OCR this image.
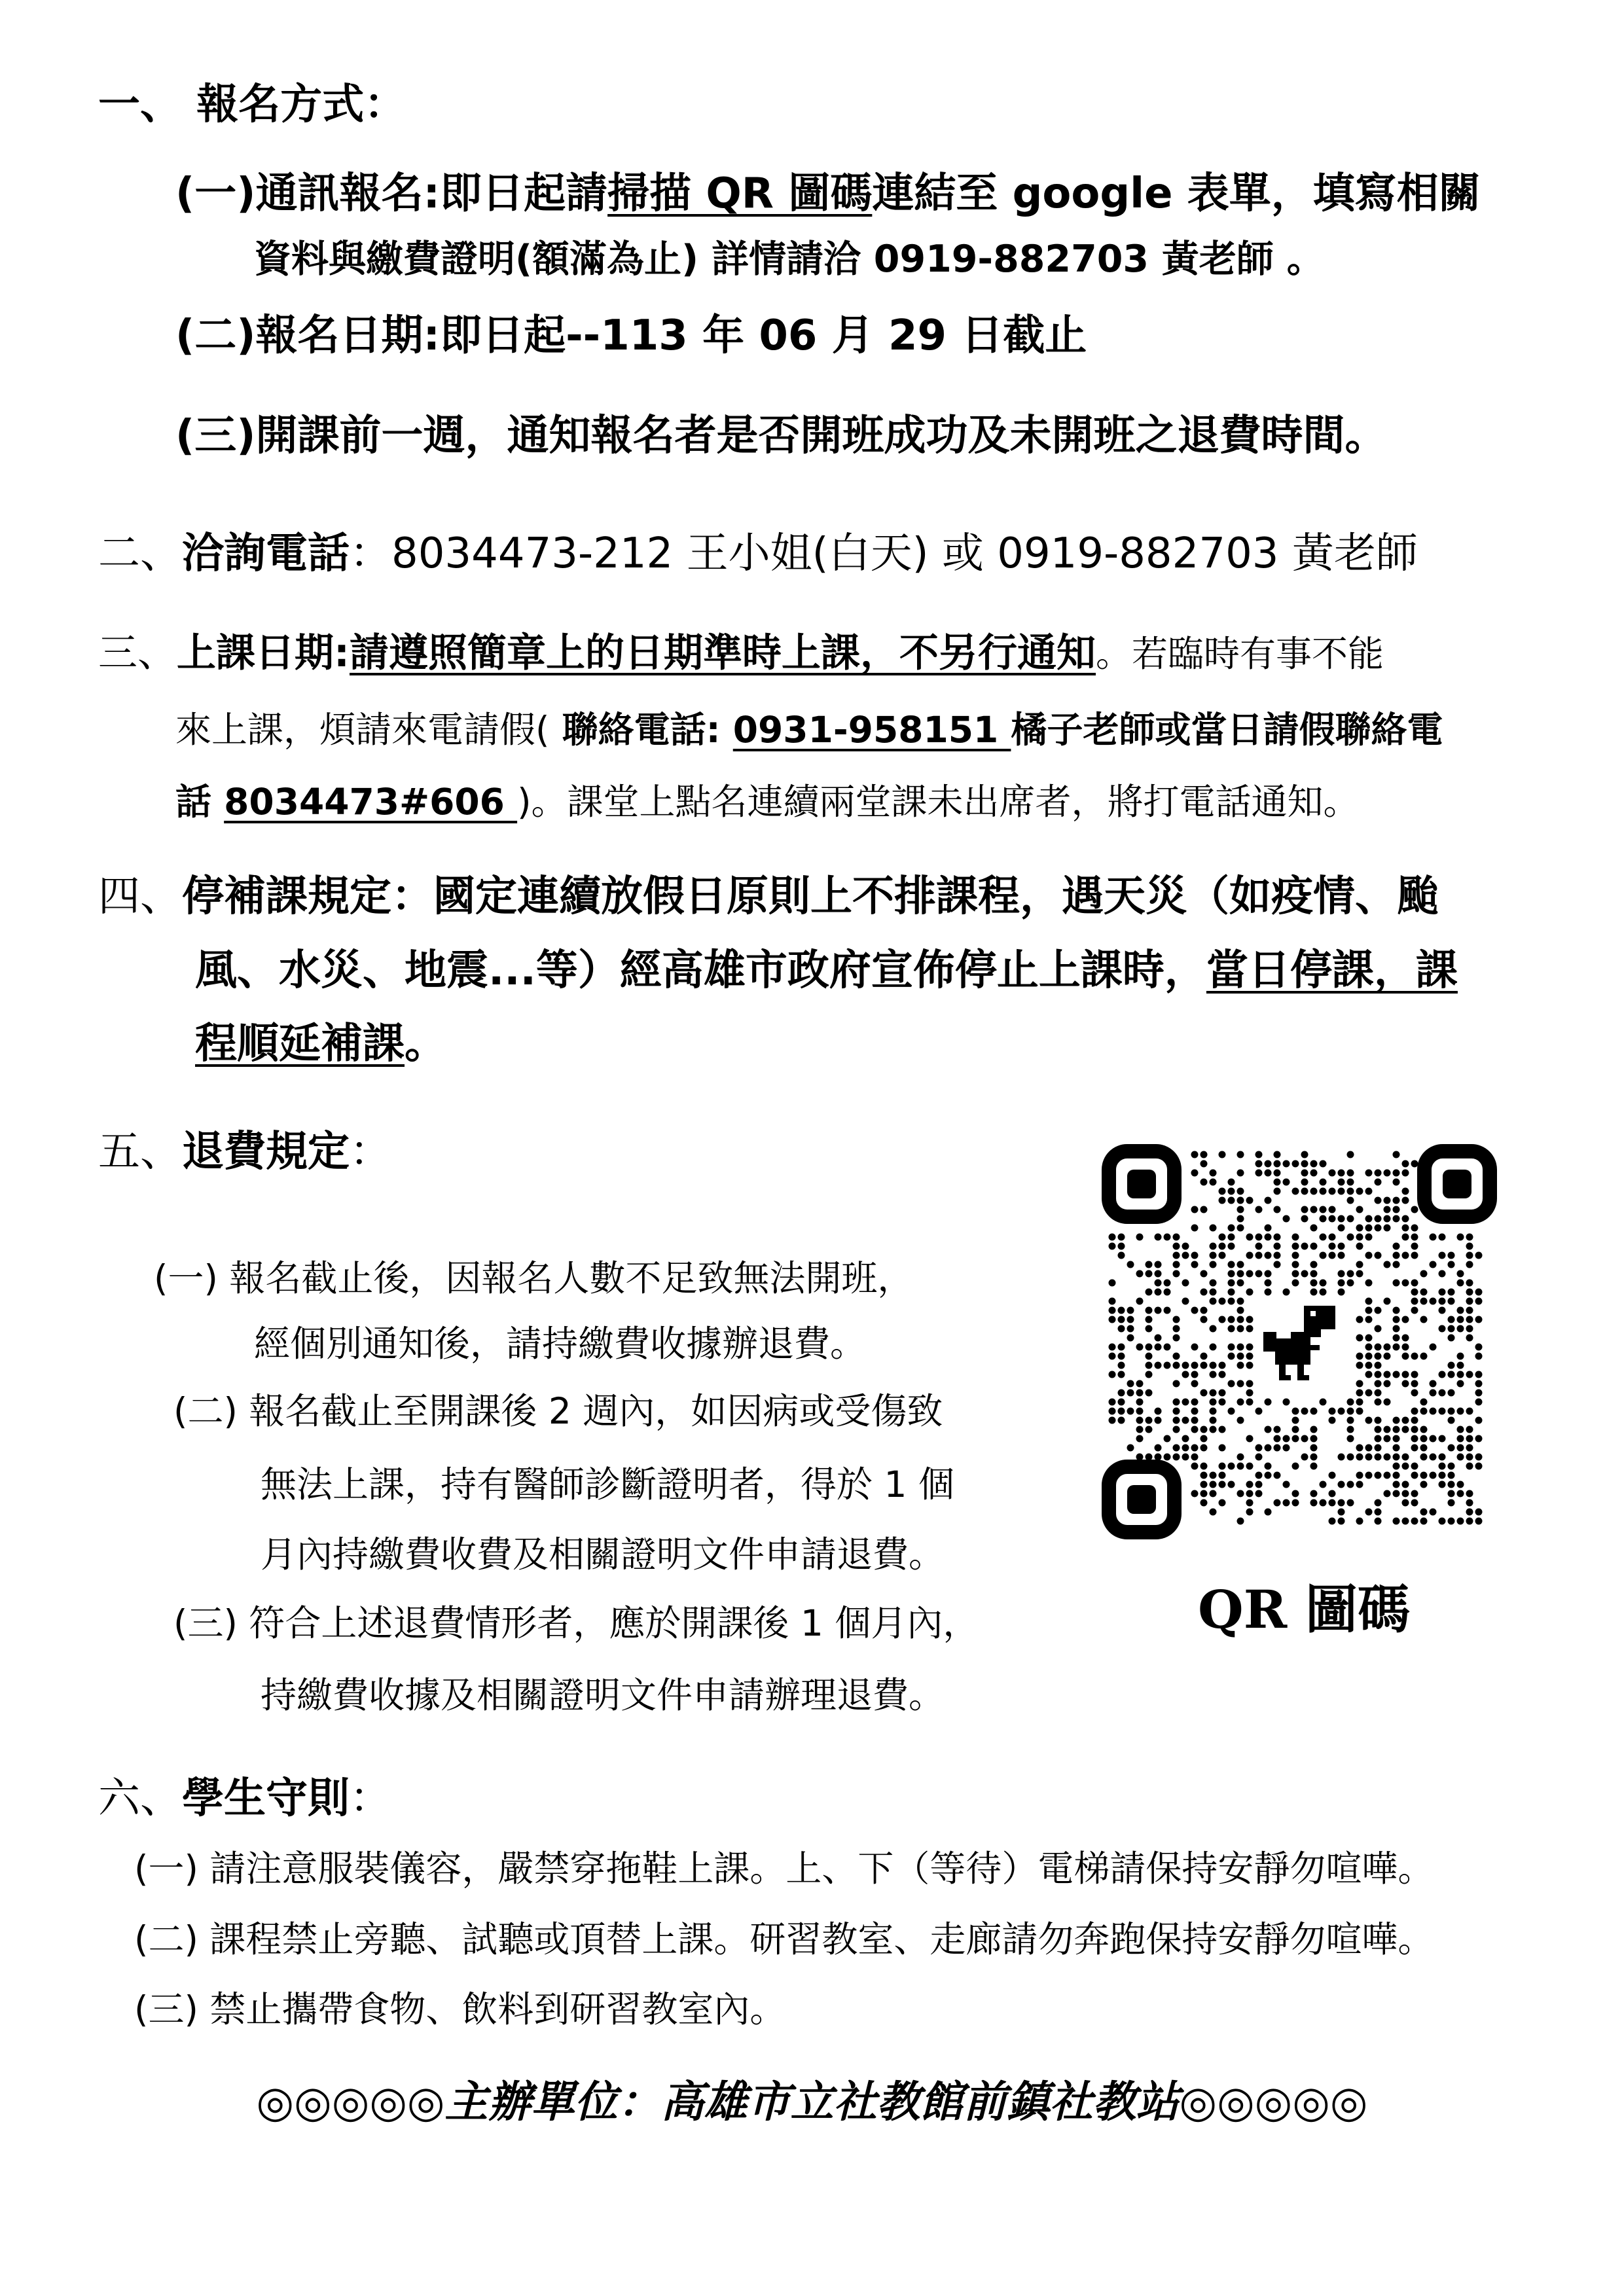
一、 報名方式：
(一)通訊報名:即日起請掃描 QR 圖碼連結至 google 表單，填寫相關
資料與繳費證明(額滿為止) 詳情請洽 0919-882703 黃老師 。
(二)報名日期:即日起--113 年 06 月 29 日截止
(三)開課前一週，通知報名者是否開班成功及未開班之退費時間。
二、洽詢電話：8034473-212 王小姐(白天) 或 0919-882703 黃老師
三、上課日期:請遵照簡章上的日期準時上課，不另行通知。若臨時有事不能
來上課，煩請來電請假( 聯絡電話: 0931-958151 橘子老師或當日請假聯絡電
話 8034473#606 )。課堂上點名連續兩堂課未出席者，將打電話通知。
四、停補課規定：國定連續放假日原則上不排課程，遇天災（如疫情、颱
風、水災、地震...等）經高雄市政府宣佈停止上課時，當日停課，課
程順延補課。
五、退費規定：
(一) 報名截止後，因報名人數不足致無法開班，
經個別通知後，請持繳費收據辦退費。
(二) 報名截止至開課後 2 週內，如因病或受傷致
無法上課，持有醫師診斷證明者，得於 1 個
月內持繳費收費及相關證明文件申請退費。
(三) 符合上述退費情形者，應於開課後 1 個月內，
持繳費收據及相關證明文件申請辦理退費。
QR 圖碼
六、學生守則：
(一) 請注意服裝儀容，嚴禁穿拖鞋上課。上、下（等待）電梯請保持安靜勿喧嘩。
(二) 課程禁止旁聽、試聽或頂替上課。研習教室、走廊請勿奔跑保持安靜勿喧嘩。
(三) 禁止攜帶食物、飲料到研習教室內。
◎◎◎◎◎主辦單位：高雄市立社教館前鎮社教站◎◎◎◎◎
